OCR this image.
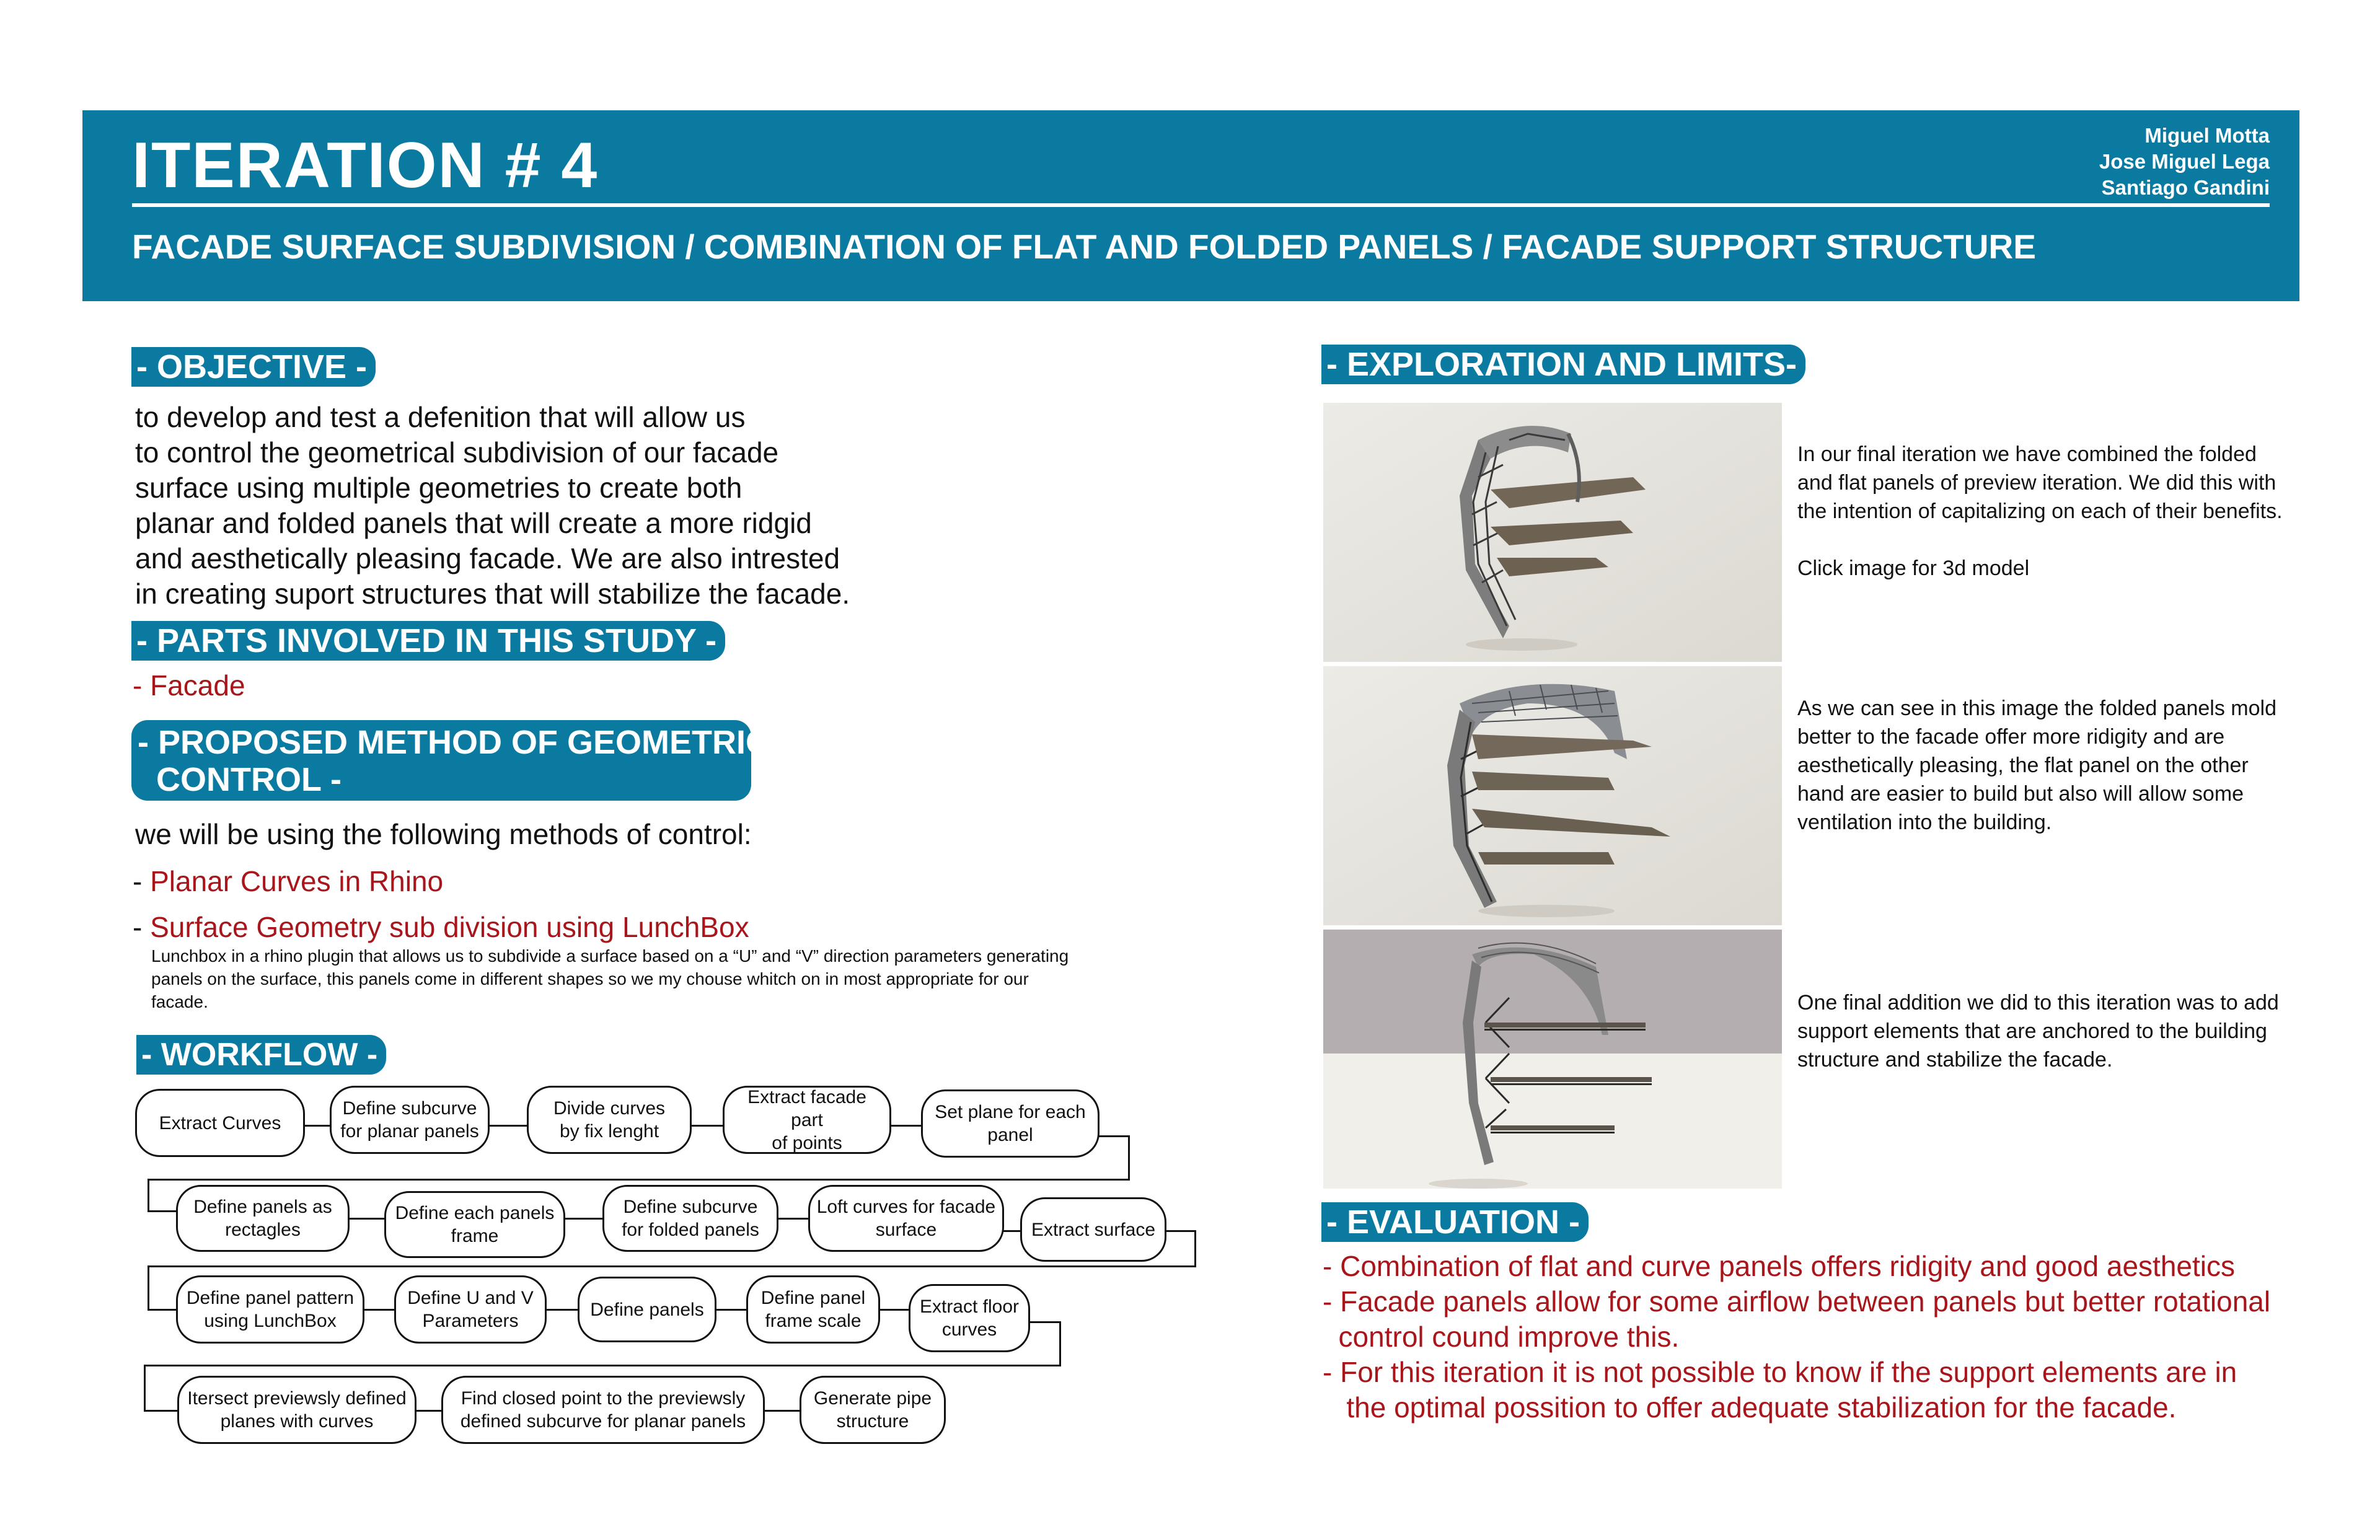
ITERATION # 4	Miguel Motta
Jose Miguel Lega
Santiago Gandini
FACADE SURFACE SUBDIVISION / COMBINATION OF FLAT AND FOLDED PANELS / FACADE SUPPORT STRUCTURE
- OBJECTIVE -
to develop and test a defenition that will allow us
to control the geometrical subdivision of our facade
surface using multiple geometries to create both
planar and folded panels that will create a more ridgid
and aesthetically pleasing facade. We are also intrested
in creating suport structures that will stabilize the facade.
- PARTS INVOLVED IN THIS STUDY -
- Facade
- PROPOSED METHOD OF GEOMETRIC
CONTROL -
we will be using the following methods of control:
- Planar Curves in Rhino
- Surface Geometry sub division using LunchBox
Lunchbox in a rhino plugin that allows us to subdivide a surface based on a “U” and “V” direction parameters generating
panels on the surface, this panels come in different shapes so we my chouse whitch on in most appropriate for our
facade.
- WORKFLOW -
Extract Curves
Define subcurve
for planar panels
Divide curves
by fix lenght
Extract facade part
of points
Set plane for each
panel
Define panels as
rectagles
Define each panels
frame
Define subcurve
for folded panels
Loft curves for facade
surface	Extract surface
Define panel pattern
using LunchBox
Define U and V
Parameters
Define panels
Define panel
frame scale
Extract floor
curves
Itersect previewsly defined
planes with curves
Find closed point to the previewsly
defined subcurve for planar panels
Generate pipe
structure
- EXPLORATION AND LIMITS-
In our final iteration we have combined the folded
and flat panels of preview iteration. We did this with
the intention of capitalizing on each of their benefits.
Click image for 3d model
As we can see in this image the folded panels mold
better to the facade offer more ridigity and are
aesthetically pleasing, the flat panel on the other
hand are easier to build but also will allow some
ventilation into the building.
One final addition we did to this iteration was to add
support elements that are anchored to the building
structure and stabilize the facade.
- EVALUATION -
- Combination of flat and curve panels offers ridigity and good aesthetics
- Facade panels allow for some airflow between panels but better rotational
control cound improve this.
- For this iteration it is not possible to know if the support elements are in
the optimal possition to offer adequate stabilization for the facade.
